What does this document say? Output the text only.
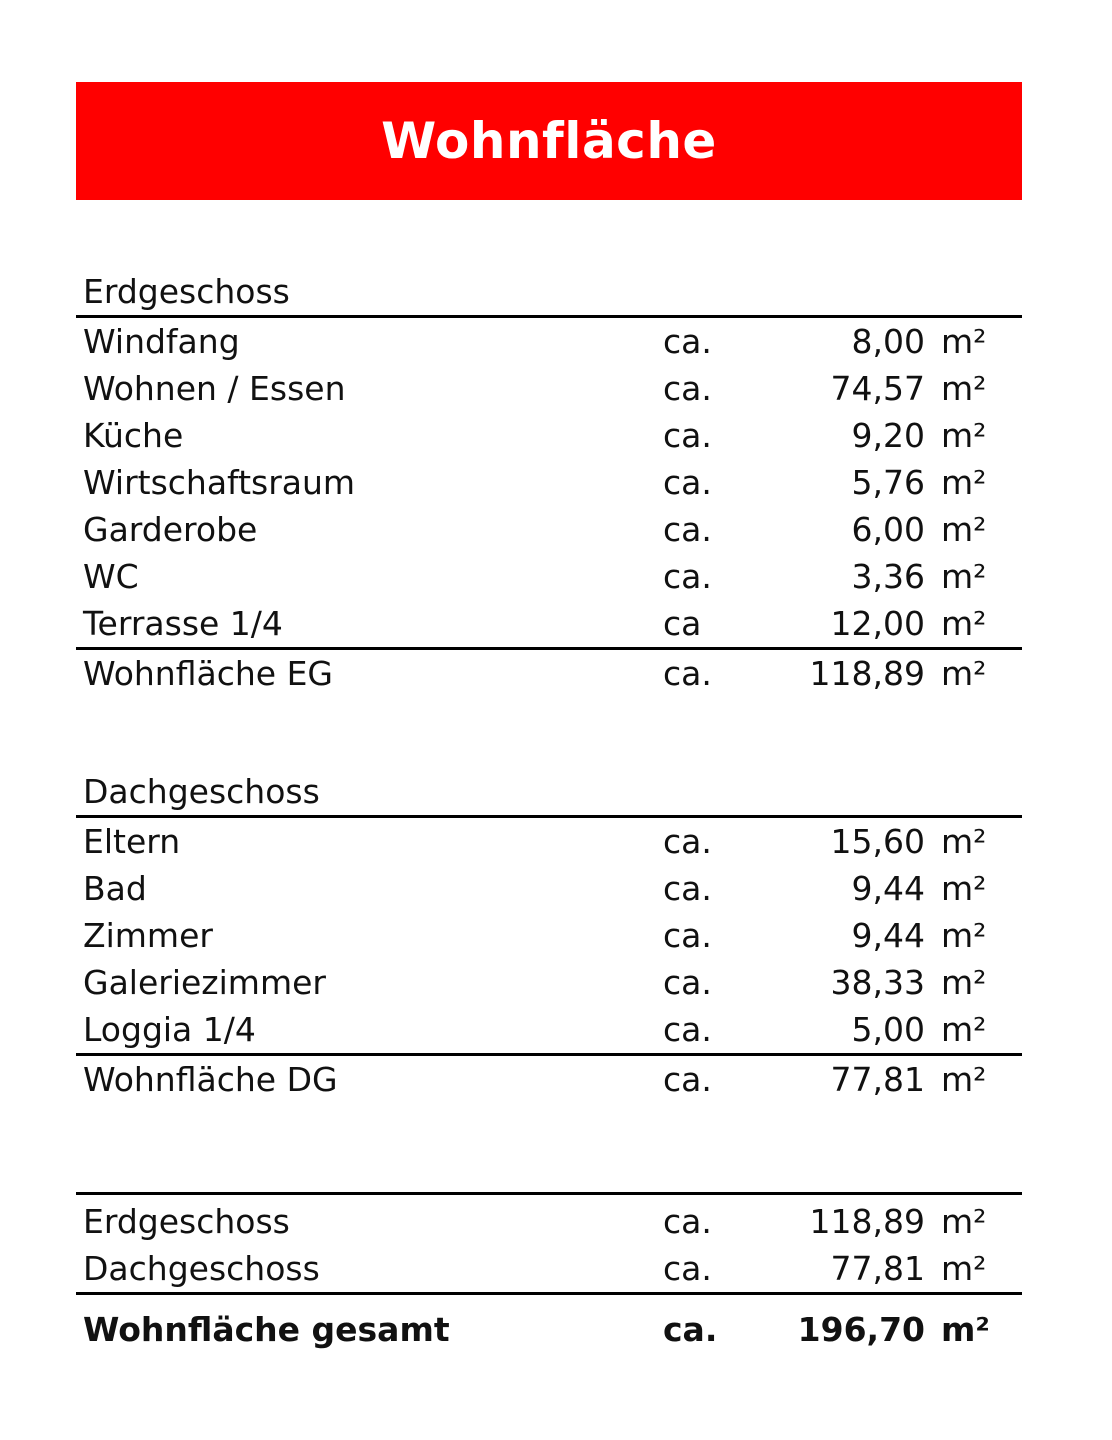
Wohnfläche
Erdgeschoss
Windfang	ca.	8,00 m²
Wohnen / Essen	ca.	74,57 m²
Küche	ca.	9,20 m²
Wirtschaftsraum	ca.	5,76 m²
Garderobe	ca.	6,00 m²
WC	ca.	3,36 m²
Terrasse 1/4	ca	12,00 m²
Wohnfläche EG	ca.	118,89 m²
Dachgeschoss
Eltern	ca.	15,60 m²
Bad	ca.	9,44 m²
Zimmer	ca.	9,44 m²
Galeriezimmer	ca.	38,33 m²
Loggia 1/4	ca.	5,00 m²
Wohnfläche DG	ca.	77,81 m²
Erdgeschoss	ca.	118,89 m²
Dachgeschoss	ca.	77,81 m²
Wohnfläche gesamt	ca. 196,70 m²
